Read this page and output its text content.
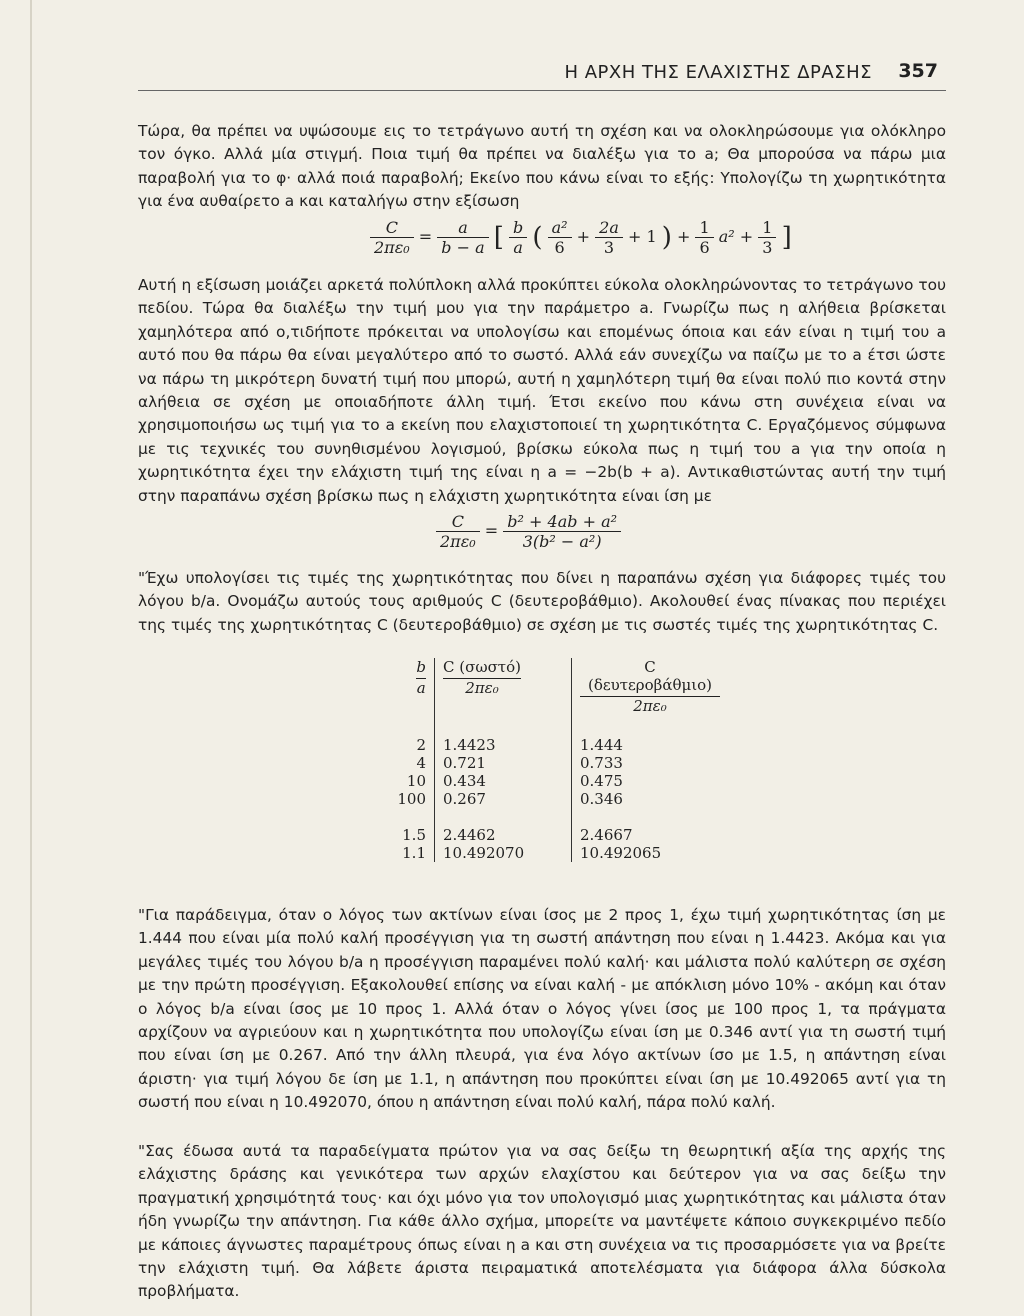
Η ΑΡΧΗ ΤΗΣ ΕΛΑΧΙΣΤΗΣ ΔΡΑΣΗΣ 357

Τώρα, θα πρέπει να υψώσουμε εις το τετράγωνο αυτή τη σχέση και να ολοκληρώσουμε για ολόκληρο τον όγκο. Αλλά μία στιγμή. Ποια τιμή θα πρέπει να διαλέξω για το a; Θα μπορούσα να πάρω μια παραβολή για το φ· αλλά ποιά παραβολή; Εκείνο που κάνω είναι το εξής: Υπολογίζω τη χωρητικότητα για ένα αυθαίρετο a και καταλήγω στην εξίσωση

$\frac{C}{\text{2πε₀}} = \frac{a}{b - a}$ [ $\frac{b}{a}$ ( $\frac{\text{a²}}{6} + \frac{2a}{3} + 1$ ) + $\frac{1}{6} a^2 + \frac{1}{3}$ ]

Αυτή η εξίσωση μοιάζει αρκετά πολύπλοκη αλλά προκύπτει εύκολα ολοκληρώνοντας το τετράγωνο του πεδίου. Τώρα θα διαλέξω την τιμή μου για την παράμετρο a. Γνωρίζω πως η αλήθεια βρίσκεται χαμηλότερα από ο,τιδήποτε πρόκειται να υπολογίσω και επομένως όποια και εάν είναι η τιμή του a αυτό που θα πάρω θα είναι μεγαλύτερο από το σωστό. Αλλά εάν συνεχίζω να παίζω με το a έτσι ώστε να πάρω τη μικρότερη δυνατή τιμή που μπορώ, αυτή η χαμηλότερη τιμή θα είναι πολύ πιο κοντά στην αλήθεια σε σχέση με οποιαδήποτε άλλη τιμή. Έτσι εκείνο που κάνω στη συνέχεια είναι να χρησιμοποιήσω ως τιμή για το a εκείνη που ελαχιστοποιεί τη χωρητικότητα C. Εργαζόμενος σύμφωνα με τις τεχνικές του συνηθισμένου λογισμού, βρίσκω εύκολα πως η τιμή του a για την οποία η χωρητικότητα έχει την ελάχιστη τιμή της είναι η a = −2b(b + a). Αντικαθιστώντας αυτή την τιμή στην παραπάνω σχέση βρίσκω πως η ελάχιστη χωρητικότητα είναι ίση με

$\frac{C}{\text{2πε₀}} = \frac{\text{b² + 4ab + a²}}{\text{3(b² − a²)}}$

"Έχω υπολογίσει τις τιμές της χωρητικότητας που δίνει η παραπάνω σχέση για διάφορες τιμές του λόγου b/a. Ονομάζω αυτούς τους αριθμούς C (δευτεροβάθμιο). Ακολουθεί ένας πίνακας που περιέχει της τιμές της χωρητικότητας C (δευτεροβάθμιο) σε σχέση με τις σωστές τιμές της χωρητικότητας C.

$\frac{b}{a}$	$\frac{\text{C (σωστό)}}{\text{2πε₀}}$	$\frac{\text{C (δευτεροβάθμιο)}}{\text{2πε₀}}$

2	1.4423	1.444
4	0.721	0.733
10	0.434	0.475
100	0.267	0.346

1.5	2.4462	2.4667
1.1	10.492070	10.492065

"Για παράδειγμα, όταν ο λόγος των ακτίνων είναι ίσος με 2 προς 1, έχω τιμή χωρητικότητας ίση με 1.444 που είναι μία πολύ καλή προσέγγιση για τη σωστή απάντηση που είναι η 1.4423. Ακόμα και για μεγάλες τιμές του λόγου b/a η προσέγγιση παραμένει πολύ καλή· και μάλιστα πολύ καλύτερη σε σχέση με την πρώτη προσέγγιση. Εξακολουθεί επίσης να είναι καλή - με απόκλιση μόνο 10% - ακόμη και όταν ο λόγος b/a είναι ίσος με 10 προς 1. Αλλά όταν ο λόγος γίνει ίσος με 100 προς 1, τα πράγματα αρχίζουν να αγριεύουν και η χωρητικότητα που υπολογίζω είναι ίση με 0.346 αντί για τη σωστή τιμή που είναι ίση με 0.267. Από την άλλη πλευρά, για ένα λόγο ακτίνων ίσο με 1.5, η απάντηση είναι άριστη· για τιμή λόγου δε ίση με 1.1, η απάντηση που προκύπτει είναι ίση με 10.492065 αντί για τη σωστή που είναι η 10.492070, όπου η απάντηση είναι πολύ καλή, πάρα πολύ καλή.

"Σας έδωσα αυτά τα παραδείγματα πρώτον για να σας δείξω τη θεωρητική αξία της αρχής της ελάχιστης δράσης και γενικότερα των αρχών ελαχίστου και δεύτερον για να σας δείξω την πραγματική χρησιμότητά τους· και όχι μόνο για τον υπολογισμό μιας χωρητικότητας και μάλιστα όταν ήδη γνωρίζω την απάντηση. Για κάθε άλλο σχήμα, μπορείτε να μαντέψετε κάποιο συγκεκριμένο πεδίο με κάποιες άγνωστες παραμέτρους όπως είναι η a και στη συνέχεια να τις προσαρμόσετε για να βρείτε την ελάχιστη τιμή. Θα λάβετε άριστα πειραματικά αποτελέσματα για διάφορα άλλα δύσκολα προβλήματα.
